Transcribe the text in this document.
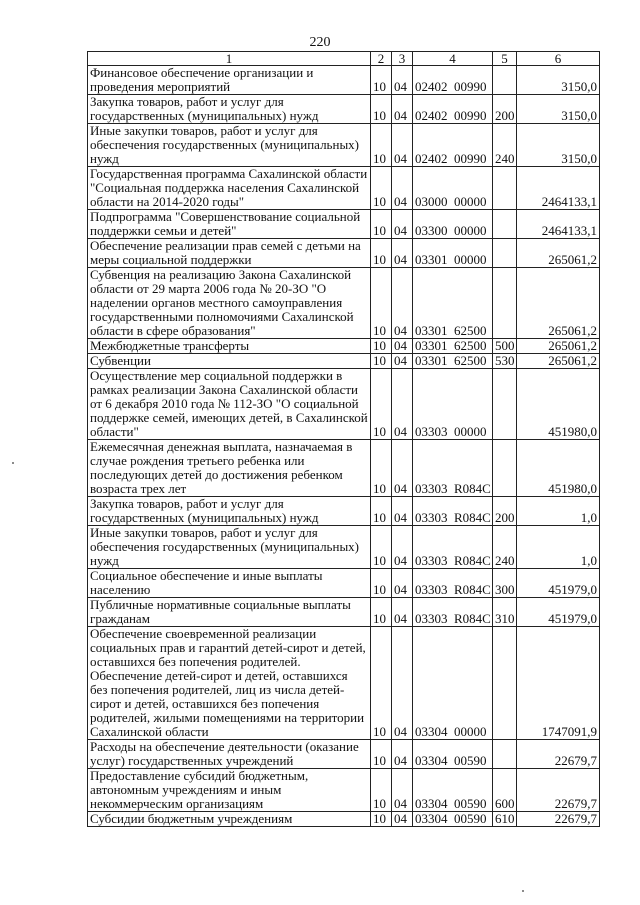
220
1	2	3	4	5	6
Финансовое обеспечение организации и проведения мероприятий	10	04	02402  00990		3150,0
Закупка товаров, работ и услуг для государственных (муниципальных) нужд	10	04	02402  00990	200	3150,0
Иные закупки товаров, работ и услуг для обеспечения государственных (муниципальных) нужд	10	04	02402  00990	240	3150,0
Государственная программа Сахалинской области "Социальная поддержка населения Сахалинской области на 2014-2020 годы"	10	04	03000  00000		2464133,1
Подпрограмма "Совершенствование социальной поддержки семьи и детей"	10	04	03300  00000		2464133,1
Обеспечение реализации прав семей с детьми на меры социальной поддержки	10	04	03301  00000		265061,2
Субвенция на реализацию Закона Сахалинской области от 29 марта 2006 года № 20-ЗО "О наделении органов местного самоуправления государственными полномочиями Сахалинской области в сфере образования"	10	04	03301  62500		265061,2
Межбюджетные трансферты	10	04	03301  62500	500	265061,2
Субвенции	10	04	03301  62500	530	265061,2
Осуществление мер социальной поддержки в рамках реализации Закона Сахалинской области от 6 декабря 2010 года № 112-ЗО "О социальной поддержке семей, имеющих детей, в Сахалинской области"	10	04	03303  00000		451980,0
Ежемесячная денежная выплата, назначаемая в случае рождения третьего ребенка или последующих детей до достижения ребенком возраста трех лет	10	04	03303  R084C		451980,0
Закупка товаров, работ и услуг для государственных (муниципальных) нужд	10	04	03303  R084C	200	1,0
Иные закупки товаров, работ и услуг для обеспечения государственных (муниципальных) нужд	10	04	03303  R084C	240	1,0
Социальное обеспечение и иные выплаты населению	10	04	03303  R084C	300	451979,0
Публичные нормативные социальные выплаты гражданам	10	04	03303  R084C	310	451979,0
Обеспечение своевременной реализации социальных прав и гарантий детей-сирот и детей, оставшихся без попечения родителей. Обеспечение детей-сирот и детей, оставшихся без попечения родителей, лиц из числа детей-сирот и детей, оставшихся без попечения родителей, жилыми помещениями на территории Сахалинской области	10	04	03304  00000		1747091,9
Расходы на обеспечение деятельности (оказание услуг) государственных учреждений	10	04	03304  00590		22679,7
Предоставление субсидий бюджетным, автономным учреждениям и иным некоммерческим организациям	10	04	03304  00590	600	22679,7
Субсидии бюджетным учреждениям	10	04	03304  00590	610	22679,7
